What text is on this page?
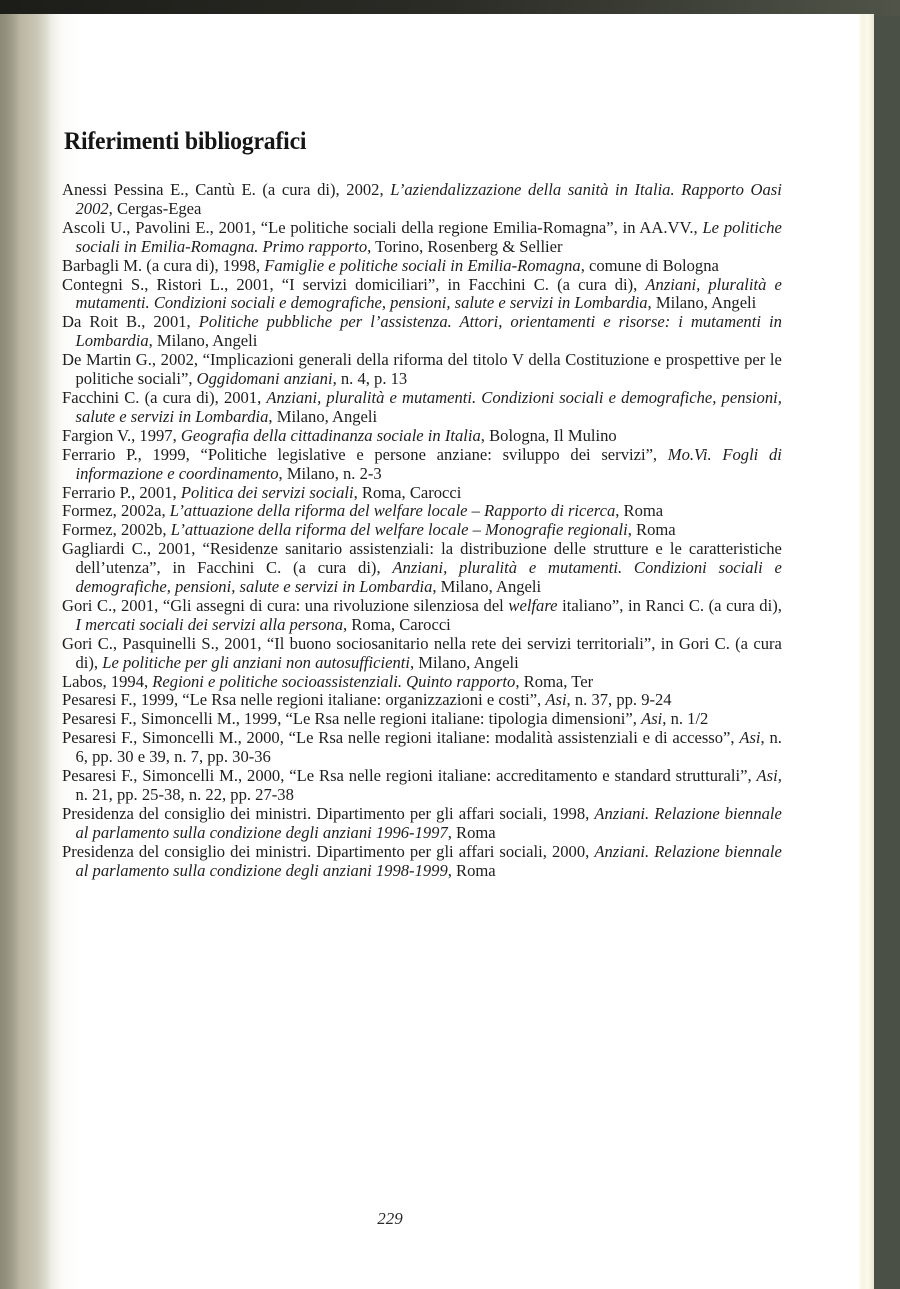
Riferimenti bibliografici
Anessi Pessina E., Cantù E. (a cura di), 2002, L’aziendalizzazione della sanità in Italia. Rapporto Oasi 2002, Cergas-Egea
Ascoli U., Pavolini E., 2001, “Le politiche sociali della regione Emilia-Romagna”, in AA.VV., Le politiche sociali in Emilia-Romagna. Primo rapporto, Torino, Rosenberg & Sellier
Barbagli M. (a cura di), 1998, Famiglie e politiche sociali in Emilia-Romagna, comune di Bologna
Contegni S., Ristori L., 2001, “I servizi domiciliari”, in Facchini C. (a cura di), Anziani, pluralità e mutamenti. Condizioni sociali e demografiche, pensioni, salute e servizi in Lombardia, Milano, Angeli
Da Roit B., 2001, Politiche pubbliche per l’assistenza. Attori, orientamenti e risorse: i mutamenti in Lombardia, Milano, Angeli
De Martin G., 2002, “Implicazioni generali della riforma del titolo V della Costituzione e prospettive per le politiche sociali”, Oggidomani anziani, n. 4, p. 13
Facchini C. (a cura di), 2001, Anziani, pluralità e mutamenti. Condizioni sociali e demografiche, pensioni, salute e servizi in Lombardia, Milano, Angeli
Fargion V., 1997, Geografia della cittadinanza sociale in Italia, Bologna, Il Mulino
Ferrario P., 1999, “Politiche legislative e persone anziane: sviluppo dei servizi”, Mo.Vi. Fogli di informazione e coordinamento, Milano, n. 2-3
Ferrario P., 2001, Politica dei servizi sociali, Roma, Carocci
Formez, 2002a, L’attuazione della riforma del welfare locale – Rapporto di ricerca, Roma
Formez, 2002b, L’attuazione della riforma del welfare locale – Monografie regionali, Roma
Gagliardi C., 2001, “Residenze sanitario assistenziali: la distribuzione delle strutture e le caratteristiche dell’utenza”, in Facchini C. (a cura di), Anziani, pluralità e mutamenti. Condizioni sociali e demografiche, pensioni, salute e servizi in Lombardia, Milano, Angeli
Gori C., 2001, “Gli assegni di cura: una rivoluzione silenziosa del welfare italiano”, in Ranci C. (a cura di), I mercati sociali dei servizi alla persona, Roma, Carocci
Gori C., Pasquinelli S., 2001, “Il buono sociosanitario nella rete dei servizi territoriali”, in Gori C. (a cura di), Le politiche per gli anziani non autosufficienti, Milano, Angeli
Labos, 1994, Regioni e politiche socioassistenziali. Quinto rapporto, Roma, Ter
Pesaresi F., 1999, “Le Rsa nelle regioni italiane: organizzazioni e costi”, Asi, n. 37, pp. 9-24
Pesaresi F., Simoncelli M., 1999, “Le Rsa nelle regioni italiane: tipologia dimensioni”, Asi, n. 1/2
Pesaresi F., Simoncelli M., 2000, “Le Rsa nelle regioni italiane: modalità assistenziali e di accesso”, Asi, n. 6, pp. 30 e 39, n. 7, pp. 30-36
Pesaresi F., Simoncelli M., 2000, “Le Rsa nelle regioni italiane: accreditamento e standard strutturali”, Asi, n. 21, pp. 25-38, n. 22, pp. 27-38
Presidenza del consiglio dei ministri. Dipartimento per gli affari sociali, 1998, Anziani. Relazione biennale al parlamento sulla condizione degli anziani 1996-1997, Roma
Presidenza del consiglio dei ministri. Dipartimento per gli affari sociali, 2000, Anziani. Relazione biennale al parlamento sulla condizione degli anziani 1998-1999, Roma
229
